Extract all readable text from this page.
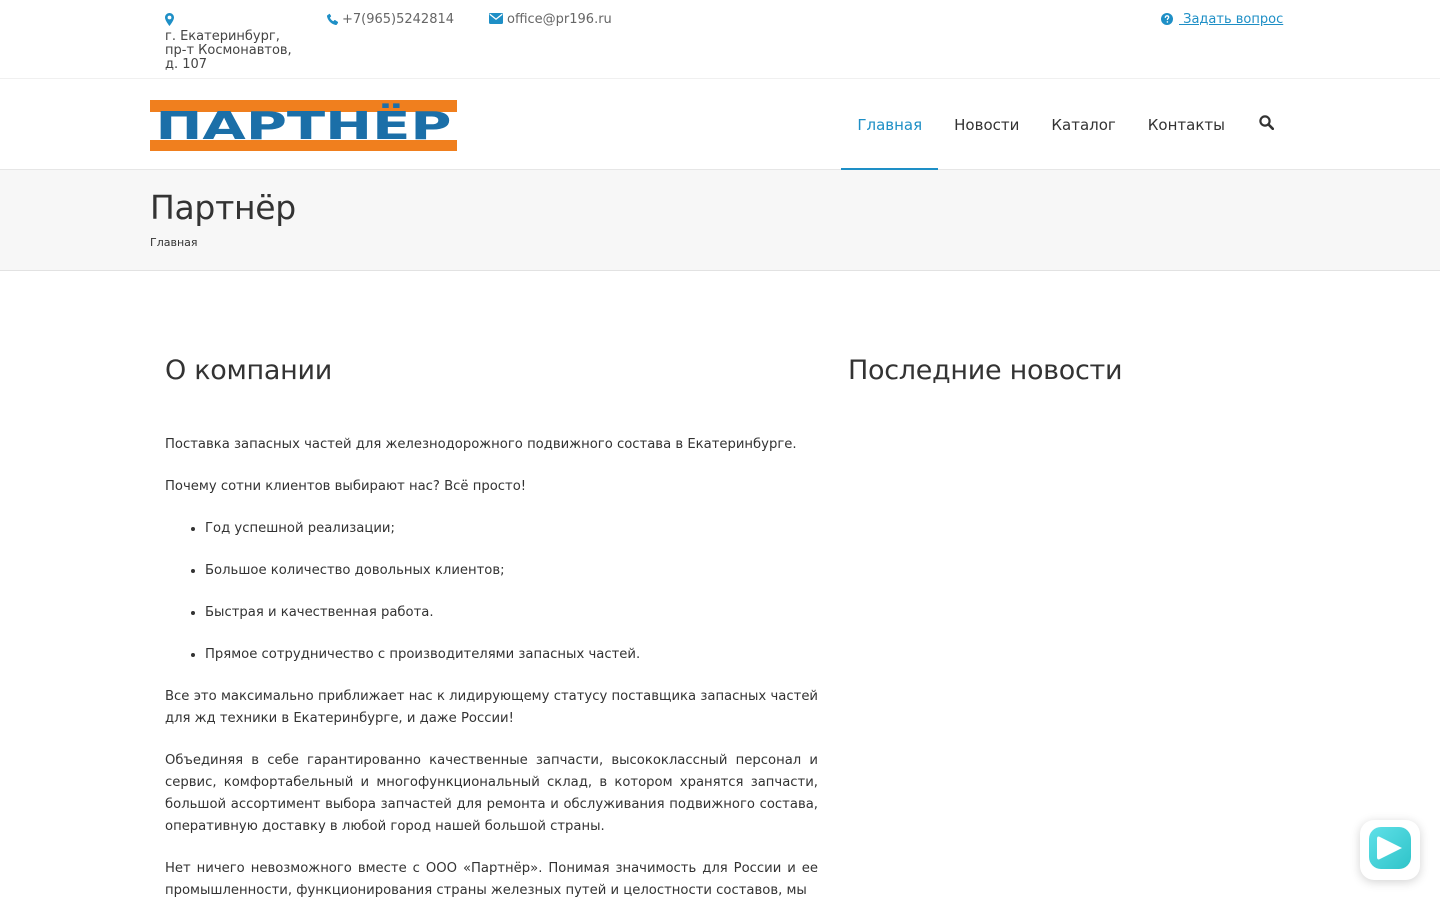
г. Екатеринбург,
пр-т Космонавтов,
д. 107
+7(965)5242814	office@pr196.ru	Задать вопрос
ПАРТНЁР	Главная Новости Каталог Контакты
Партнёр
Главная
О компании

Поставка запасных частей для железнодорожного подвижного состава в Екатеринбурге.

Почему сотни клиентов выбирают нас? Всё просто!

• Год успешной реализации;
• Большое количество довольных клиентов;
• Быстрая и качественная работа.
• Прямое сотрудничество с производителями запасных частей.

Все это максимально приближает нас к лидирующему статусу поставщика запасных частей для жд техники в Екатеринбурге, и даже России!

Объединяя в себе гарантированно качественные запчасти, высококлассный персонал и сервис, комфортабельный и многофункциональный склад, в котором хранятся запчасти, большой ассортимент выбора запчастей для ремонта и обслуживания подвижного состава, оперативную доставку в любой город нашей большой страны.

Нет ничего невозможного вместе с ООО «Партнёр». Понимая значимость для России и ее промышленности, функционирования страны железных путей и целостности составов, мы

Последние новости
